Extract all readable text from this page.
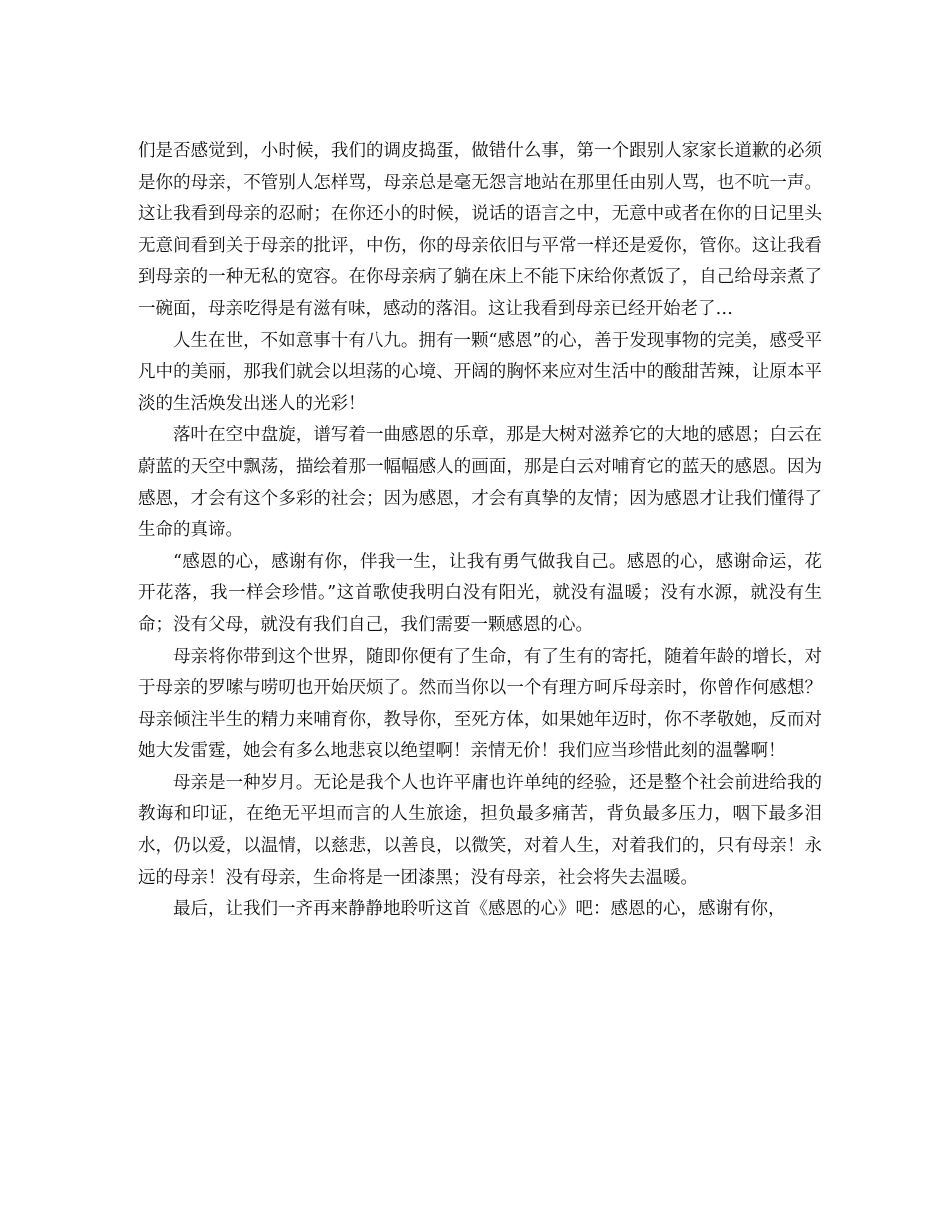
们是否感觉到，小时候，我们的调皮捣蛋，做错什么事，第一个跟别人家家长道歉的必须是你的母亲，不管别人怎样骂，母亲总是毫无怨言地站在那里任由别人骂，也不吭一声。这让我看到母亲的忍耐；在你还小的时候，说话的语言之中，无意中或者在你的日记里头无意间看到关于母亲的批评，中伤，你的母亲依旧与平常一样还是爱你，管你。这让我看到母亲的一种无私的宽容。在你母亲病了躺在床上不能下床给你煮饭了，自己给母亲煮了一碗面，母亲吃得是有滋有味，感动的落泪。这让我看到母亲已经开始老了…

人生在世，不如意事十有八九。拥有一颗“感恩”的心，善于发现事物的完美，感受平凡中的美丽，那我们就会以坦荡的心境、开阔的胸怀来应对生活中的酸甜苦辣，让原本平淡的生活焕发出迷人的光彩！

落叶在空中盘旋，谱写着一曲感恩的乐章，那是大树对滋养它的大地的感恩；白云在蔚蓝的天空中飘荡，描绘着那一幅幅感人的画面，那是白云对哺育它的蓝天的感恩。因为感恩，才会有这个多彩的社会；因为感恩，才会有真挚的友情；因为感恩才让我们懂得了生命的真谛。

“感恩的心，感谢有你，伴我一生，让我有勇气做我自己。感恩的心，感谢命运，花开花落，我一样会珍惜。”这首歌使我明白没有阳光，就没有温暖；没有水源，就没有生命；没有父母，就没有我们自己，我们需要一颗感恩的心。

母亲将你带到这个世界，随即你便有了生命，有了生有的寄托，随着年龄的增长，对于母亲的罗嗦与唠叨也开始厌烦了。然而当你以一个有理方呵斥母亲时，你曾作何感想？母亲倾注半生的精力来哺育你，教导你，至死方体，如果她年迈时，你不孝敬她，反而对她大发雷霆，她会有多么地悲哀以绝望啊！亲情无价！我们应当珍惜此刻的温馨啊！

母亲是一种岁月。无论是我个人也许平庸也许单纯的经验，还是整个社会前进给我的教诲和印证，在绝无平坦而言的人生旅途，担负最多痛苦，背负最多压力，咽下最多泪水，仍以爱，以温情，以慈悲，以善良，以微笑，对着人生，对着我们的，只有母亲！永远的母亲！没有母亲，生命将是一团漆黑；没有母亲，社会将失去温暖。

最后，让我们一齐再来静静地聆听这首《感恩的心》吧：感恩的心，感谢有你，
